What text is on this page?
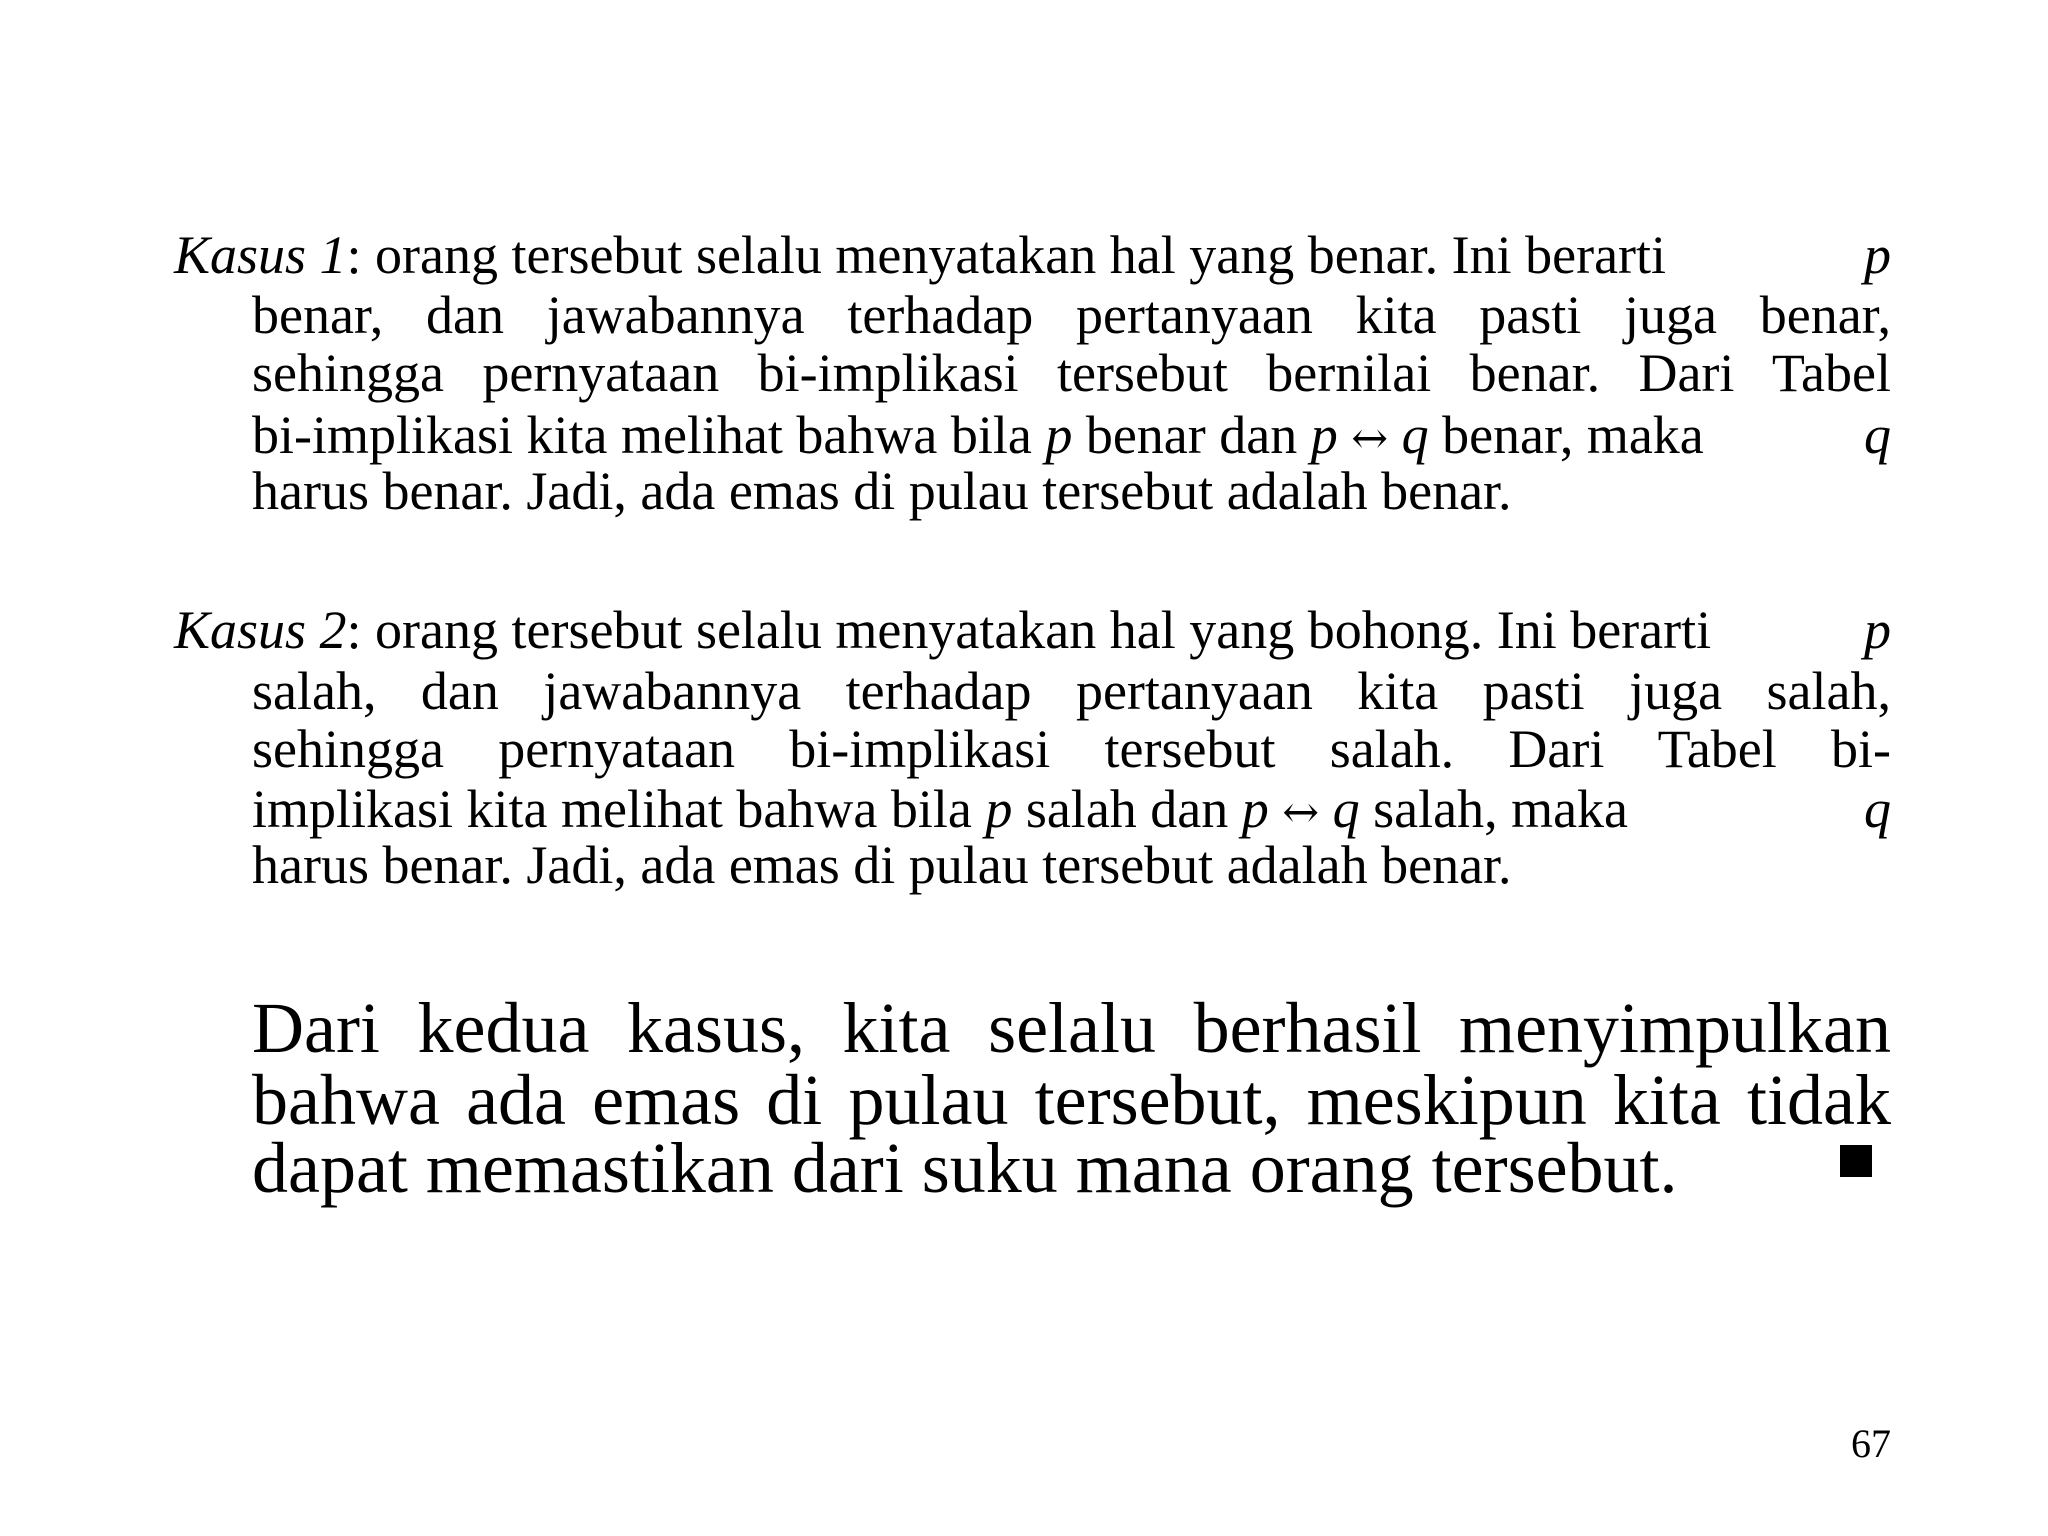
Kasus 1: orang tersebut selalu menyatakan hal yang benar. Ini berarti	p
benar, dan jawabannya terhadap pertanyaan kita pasti juga benar,
sehingga pernyataan bi-implikasi tersebut bernilai benar. Dari Tabel
bi-implikasi kita melihat bahwa bila p benar dan p ↔ q benar, maka	q
harus benar. Jadi, ada emas di pulau tersebut adalah benar.
Kasus 2: orang tersebut selalu menyatakan hal yang bohong. Ini berarti	p
salah, dan jawabannya terhadap pertanyaan kita pasti juga salah,
sehingga pernyataan bi-implikasi tersebut salah. Dari Tabel bi-
implikasi kita melihat bahwa bila p salah dan p ↔ q salah, maka	q
harus benar. Jadi, ada emas di pulau tersebut adalah benar.
Dari kedua kasus, kita selalu berhasil menyimpulkan
bahwa ada emas di pulau tersebut, meskipun kita tidak
dapat memastikan dari suku mana orang tersebut.
67
